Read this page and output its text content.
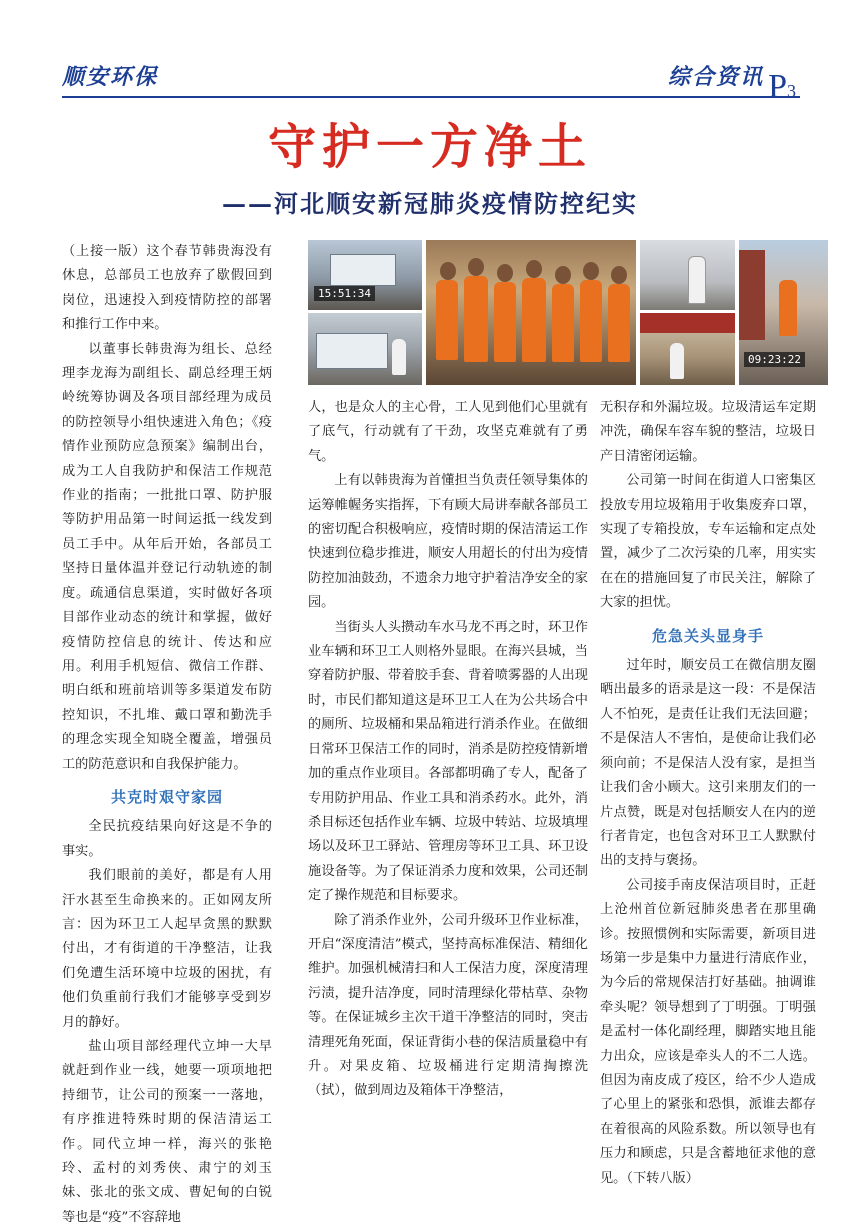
顺安环保	综合资讯 P3
守护一方净土
——河北顺安新冠肺炎疫情防控纪实

（上接一版）这个春节韩贵海没有休息，总部员工也放弃了歇假回到岗位，迅速投入到疫情防控的部署和推行工作中来。

以董事长韩贵海为组长、总经理李龙海为副组长、副总经理王炳岭统筹协调及各项目部经理为成员的防控领导小组快速进入角色；《疫情作业预防应急预案》编制出台，成为工人自我防护和保洁工作规范作业的指南；一批批口罩、防护服等防护用品第一时间运抵一线发到员工手中。从年后开始，各部员工坚持日量体温并登记行动轨迹的制度。疏通信息渠道，实时做好各项目部作业动态的统计和掌握，做好疫情防控信息的统计、传达和应用。利用手机短信、微信工作群、明白纸和班前培训等多渠道发布防控知识，不扎堆、戴口罩和勤洗手的理念实现全知晓全覆盖，增强员工的防范意识和自我保护能力。

共克时艰守家园

全民抗疫结果向好这是不争的事实。

我们眼前的美好，都是有人用汗水甚至生命换来的。正如网友所言：因为环卫工人起早贪黑的默默付出，才有街道的干净整洁，让我们免遭生活环境中垃圾的困扰，有他们负重前行我们才能够享受到岁月的静好。

盐山项目部经理代立坤一大早就赶到作业一线，她要一项项地把持细节，让公司的预案一一落地，有序推进特殊时期的保洁清运工作。同代立坤一样，海兴的张艳玲、孟村的刘秀侠、肃宁的刘玉妹、张北的张文成、曹妃甸的白锐等也是“疫”不容辞地

15:51:34
09:23:22

人，也是众人的主心骨，工人见到他们心里就有了底气，行动就有了干劲，攻坚克难就有了勇气。

上有以韩贵海为首懂担当负责任领导集体的运筹帷幄务实指挥，下有顾大局讲奉献各部员工的密切配合积极响应，疫情时期的保洁清运工作快速到位稳步推进，顺安人用超长的付出为疫情防控加油鼓劲，不遗余力地守护着洁净安全的家园。

当街头人头攒动车水马龙不再之时，环卫作业车辆和环卫工人则格外显眼。在海兴县城，当穿着防护服、带着胶手套、背着喷雾器的人出现时，市民们都知道这是环卫工人在为公共场合中的厕所、垃圾桶和果品箱进行消杀作业。在做细日常环卫保洁工作的同时，消杀是防控疫情新增加的重点作业项目。各部都明确了专人，配备了专用防护用品、作业工具和消杀药水。此外，消杀目标还包括作业车辆、垃圾中转站、垃圾填埋场以及环卫工驿站、管理房等环卫工具、环卫设施设备等。为了保证消杀力度和效果，公司还制定了操作规范和目标要求。

除了消杀作业外，公司升级环卫作业标准，开启“深度清洁”模式，坚持高标准保洁、精细化维护。加强机械清扫和人工保洁力度，深度清理污渍，提升洁净度，同时清理绿化带枯草、杂物等。在保证城乡主次干道干净整洁的同时，突击清理死角死面，保证背街小巷的保洁质量稳中有升。对果皮箱、垃圾桶进行定期清掏擦洗（拭），做到周边及箱体干净整洁，

无积存和外漏垃圾。垃圾清运车定期冲洗，确保车容车貌的整洁，垃圾日产日清密闭运输。

公司第一时间在街道人口密集区投放专用垃圾箱用于收集废弃口罩，实现了专箱投放，专车运输和定点处置，减少了二次污染的几率，用实实在在的措施回复了市民关注，解除了大家的担忧。

危急关头显身手

过年时，顺安员工在微信朋友圈晒出最多的语录是这一段：不是保洁人不怕死，是责任让我们无法回避；不是保洁人不害怕，是使命让我们必须向前；不是保洁人没有家，是担当让我们舍小顾大。这引来朋友们的一片点赞，既是对包括顺安人在内的逆行者肯定，也包含对环卫工人默默付出的支持与褒扬。

公司接手南皮保洁项目时，正赶上沧州首位新冠肺炎患者在那里确诊。按照惯例和实际需要，新项目进场第一步是集中力量进行清底作业，为今后的常规保洁打好基础。抽调谁牵头呢？领导想到了丁明强。丁明强是孟村一体化副经理，脚踏实地且能力出众，应该是牵头人的不二人选。但因为南皮成了疫区，给不少人造成了心里上的紧张和恐惧，派谁去都存在着很高的风险系数。所以领导也有压力和顾虑，只是含蓄地征求他的意见。（下转八版）
